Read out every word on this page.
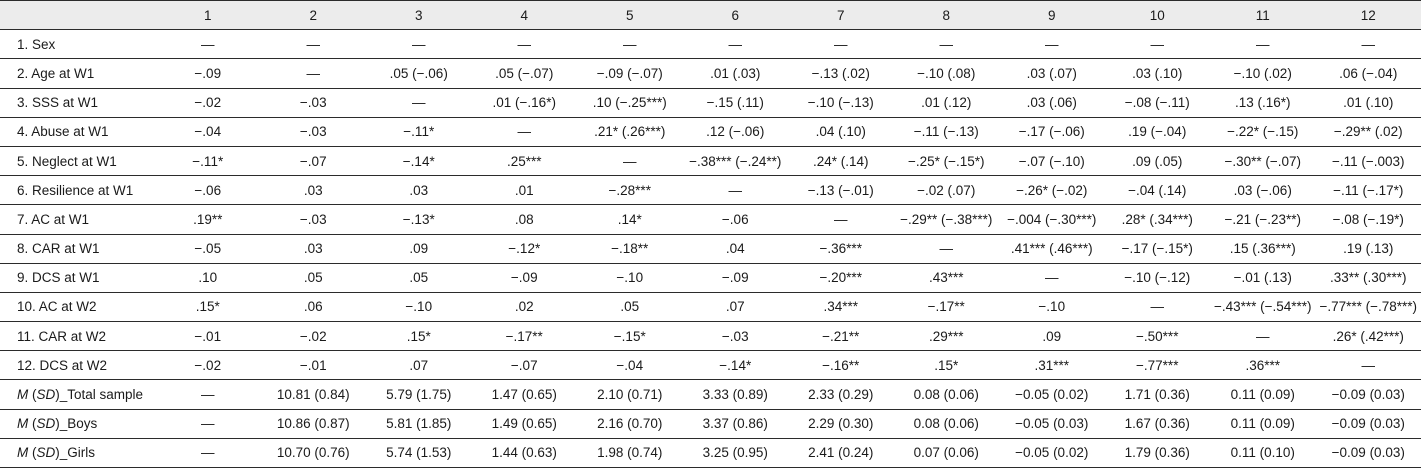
	1	2	3	4	5	6	7	8	9	10	11	12
1. Sex	—	—	—	—	—	—	—	—	—	—	—	—
2. Age at W1	−.09	—	.05 (−.06)	.05 (−.07)	−.09 (−.07)	.01 (.03)	−.13 (.02)	−.10 (.08)	.03 (.07)	.03 (.10)	−.10 (.02)	.06 (−.04)
3. SSS at W1	−.02	−.03	—	.01 (−.16*)	.10 (−.25***)	−.15 (.11)	−.10 (−.13)	.01 (.12)	.03 (.06)	−.08 (−.11)	.13 (.16*)	.01 (.10)
4. Abuse at W1	−.04	−.03	−.11*	—	.21* (.26***)	.12 (−.06)	.04 (.10)	−.11 (−.13)	−.17 (−.06)	.19 (−.04)	−.22* (−.15)	−.29** (.02)
5. Neglect at W1	−.11*	−.07	−.14*	.25***	—	−.38*** (−.24**)	.24* (.14)	−.25* (−.15*)	−.07 (−.10)	.09 (.05)	−.30** (−.07)	−.11 (−.003)
6. Resilience at W1	−.06	.03	.03	.01	−.28***	—	−.13 (−.01)	−.02 (.07)	−.26* (−.02)	−.04 (.14)	.03 (−.06)	−.11 (−.17*)
7. AC at W1	.19**	−.03	−.13*	.08	.14*	−.06	—	−.29** (−.38***)	−.004 (−.30***)	.28* (.34***)	−.21 (−.23**)	−.08 (−.19*)
8. CAR at W1	−.05	.03	.09	−.12*	−.18**	.04	−.36***	—	.41*** (.46***)	−.17 (−.15*)	.15 (.36***)	.19 (.13)
9. DCS at W1	.10	.05	.05	−.09	−.10	−.09	−.20***	.43***	—	−.10 (−.12)	−.01 (.13)	.33** (.30***)
10. AC at W2	.15*	.06	−.10	.02	.05	.07	.34***	−.17**	−.10	—	−.43*** (−.54***)	−.77*** (−.78***)
11. CAR at W2	−.01	−.02	.15*	−.17**	−.15*	−.03	−.21**	.29***	.09	−.50***	—	.26* (.42***)
12. DCS at W2	−.02	−.01	.07	−.07	−.04	−.14*	−.16**	.15*	.31***	−.77***	.36***	—
M (SD)_Total sample	—	10.81 (0.84)	5.79 (1.75)	1.47 (0.65)	2.10 (0.71)	3.33 (0.89)	2.33 (0.29)	0.08 (0.06)	−0.05 (0.02)	1.71 (0.36)	0.11 (0.09)	−0.09 (0.03)
M (SD)_Boys	—	10.86 (0.87)	5.81 (1.85)	1.49 (0.65)	2.16 (0.70)	3.37 (0.86)	2.29 (0.30)	0.08 (0.06)	−0.05 (0.03)	1.67 (0.36)	0.11 (0.09)	−0.09 (0.03)
M (SD)_Girls	—	10.70 (0.76)	5.74 (1.53)	1.44 (0.63)	1.98 (0.74)	3.25 (0.95)	2.41 (0.24)	0.07 (0.06)	−0.05 (0.02)	1.79 (0.36)	0.11 (0.10)	−0.09 (0.03)
